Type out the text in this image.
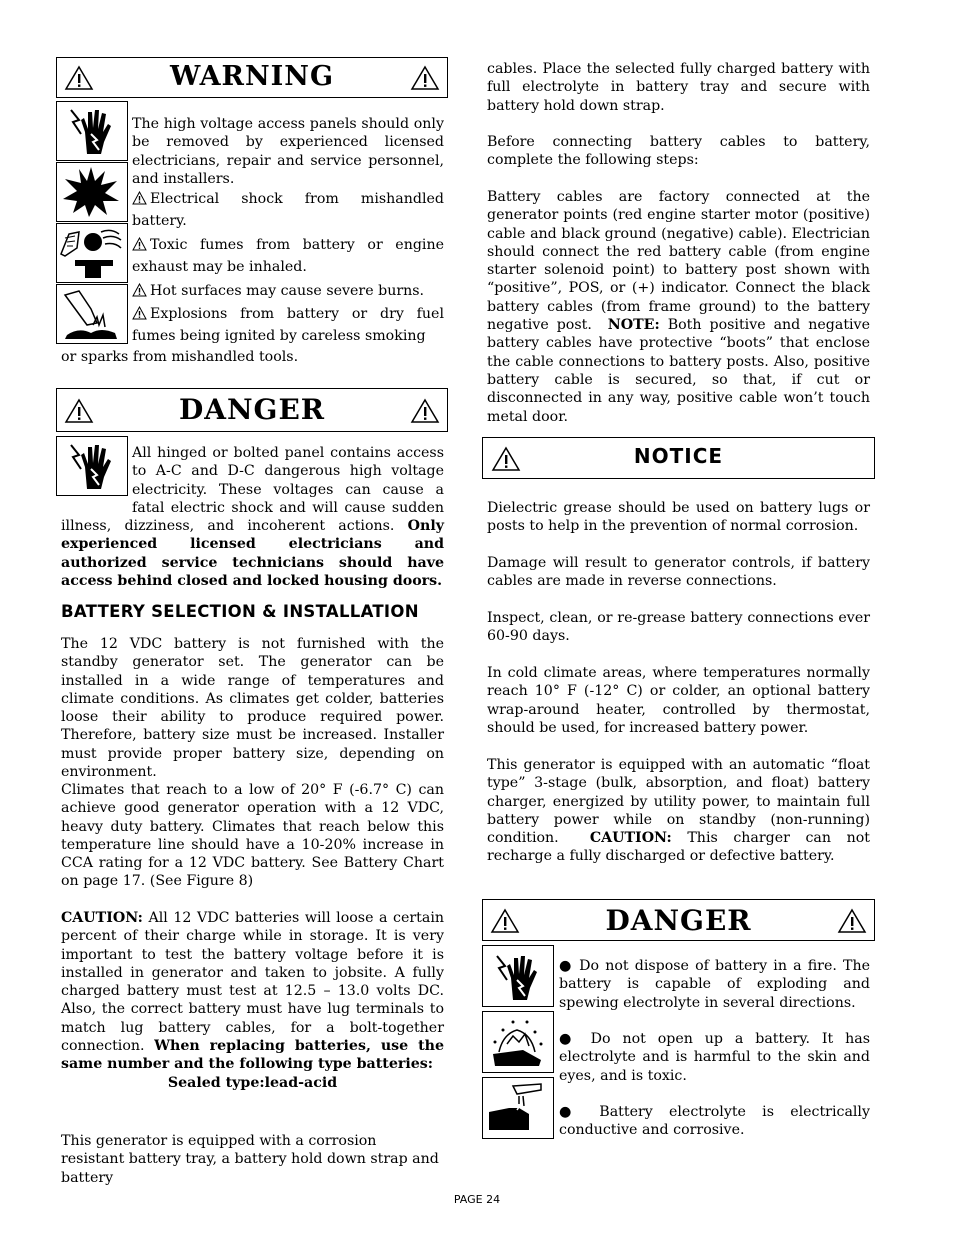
WARNING
The high voltage access panels should only be removed by experienced licensed electricians, repair and service personnel, and installers.
Electrical shock from mishandled battery.
Toxic fumes from battery or engine exhaust may be inhaled.
Hot surfaces may cause severe burns.
Explosions from battery or dry fuel fumes being ignited by careless smoking
or sparks from mishandled tools.
DANGER
All hinged or bolted panel contains access to A-C and D-C dangerous high voltage electricity. These voltages can cause a fatal electric shock and will cause sudden illness, dizziness, and incoherent actions. Only experienced licensed electricians and authorized service technicians should have access behind closed and locked housing doors.
BATTERY SELECTION & INSTALLATION
The 12 VDC battery is not furnished with the standby generator set. The generator can be installed in a wide range of temperatures and climate conditions. As climates get colder, batteries loose their ability to produce required power. Therefore, battery size must be increased. Installer must provide proper battery size, depending on environment.
Climates that reach to a low of 20° F (-6.7° C) can achieve good generator operation with a 12 VDC, heavy duty battery. Climates that reach below this temperature line should have a 10-20% increase in CCA rating for a 12 VDC battery. See Battery Chart on page 17. (See Figure 8)
CAUTION: All 12 VDC batteries will loose a certain percent of their charge while in storage. It is very important to test the battery voltage before it is installed in generator and taken to jobsite. A fully charged battery must test at 12.5 – 13.0 volts DC. Also, the correct battery must have lug terminals to match lug battery cables, for a bolt-together connection. When replacing batteries, use the same number and the following type batteries:
Sealed type:lead-acid
This generator is equipped with a corrosion resistant battery tray, a battery hold down strap and battery
cables. Place the selected fully charged battery with full electrolyte in battery tray and secure with battery hold down strap.
Before connecting battery cables to battery, complete the following steps:
Battery cables are factory connected at the generator points (red engine starter motor (positive) cable and black ground (negative) cable). Electrician should connect the red battery cable (from engine starter solenoid point) to battery post shown with “positive”, POS, or (+) indicator. Connect the black battery cables (from frame ground) to the battery negative post. NOTE: Both positive and negative battery cables have protective “boots” that enclose the cable connections to battery posts. Also, positive battery cable is secured, so that, if cut or disconnected in any way, positive cable won’t touch metal door.
NOTICE
Dielectric grease should be used on battery lugs or posts to help in the prevention of normal corrosion.
Damage will result to generator controls, if battery cables are made in reverse connections.
Inspect, clean, or re-grease battery connections ever 60-90 days.
In cold climate areas, where temperatures normally reach 10° F (-12° C) or colder, an optional battery wrap-around heater, controlled by thermostat, should be used, for increased battery power.
This generator is equipped with an automatic “float type” 3-stage (bulk, absorption, and float) battery charger, energized by utility power, to maintain full battery power while on standby (non-running) condition. CAUTION: This charger can not recharge a fully discharged or defective battery.
DANGER
● Do not dispose of battery in a fire. The battery is capable of exploding and spewing electrolyte in several directions.
● Do not open up a battery. It has electrolyte and is harmful to the skin and eyes, and is toxic.
● Battery electrolyte is electrically conductive and corrosive.
PAGE 24
